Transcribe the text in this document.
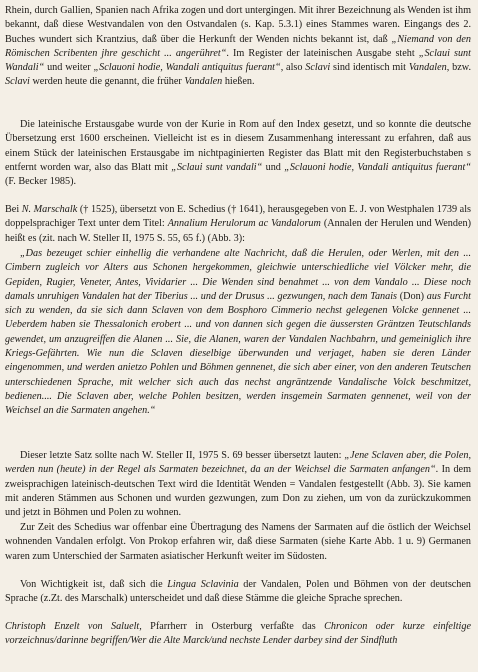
Rhein, durch Gallien, Spanien nach Afrika zogen und dort untergingen. Mit ihrer Bezeichnung als Wenden ist ihm bekannt, daß diese Westvandalen von den Ostvandalen (s. Kap. 5.3.1) eines Stammes waren. Eingangs des 2. Buches wundert sich Krantzius, daß über die Herkunft der Wenden nichts bekannt ist, daß „Niemand von den Römischen Scribenten jhre geschicht ... angerühret“. Im Register der lateinischen Ausgabe steht „Sclaui sunt Wandali“ und weiter „Sclauoni hodie, Wandali antiquitus fuerant“, also Sclavi sind identisch mit Vandalen, bzw. Sclavi werden heute die genannt, die früher Vandalen hießen.

Die lateinische Erstausgabe wurde von der Kurie in Rom auf den Index gesetzt, und so konnte die deutsche Übersetzung erst 1600 erscheinen. Vielleicht ist es in diesem Zusammenhang interessant zu erfahren, daß aus einem Stück der lateinischen Erstausgabe im nichtpaginierten Register das Blatt mit den Registerbuchstaben s entfernt worden war, also das Blatt mit „Sclaui sunt vandali“ und „Sclauoni hodie, Vandali antiquitus fuerant“ (F. Becker 1985).

Bei N. Marschalk († 1525), übersetzt von E. Schedius († 1641), herausgegeben von E. J. von Westphalen 1739 als doppelsprachiger Text unter dem Titel: Annalium Herulorum ac Vandalorum (Annalen der Herulen und Wenden) heißt es (zit. nach W. Steller II, 1975 S. 55, 65 f.) (Abb. 3):

„Das bezeuget schier einhellig die verhandene alte Nachricht, daß die Herulen, oder Werlen, mit den ... Cimbern zugleich vor Alters aus Schonen hergekommen, gleichwie unterschiedliche viel Völcker mehr, die Gepiden, Rugier, Veneter, Antes, Vividarier ... Die Wenden sind benahmet ... von dem Vandalo ... Diese noch damals unruhigen Vandalen hat der Tiberius ... und der Drusus ... gezwungen, nach dem Tanais (Don) aus Furcht sich zu wenden, da sie sich dann Sclaven von dem Bosphoro Cimmerio nechst gelegenen Volcke gennenet ... Ueberdem haben sie Thessalonich erobert ... und von dannen sich gegen die äussersten Gräntzen Teutschlands gewendet, um anzugreiffen die Alanen ... Sie, die Alanen, waren der Vandalen Nachbahrn, und gemeiniglich ihre Kriegs-Gefährten. Wie nun die Sclaven dieselbige überwunden und verjaget, haben sie deren Länder eingenommen, und werden anietzo Pohlen und Böhmen gennenet, die sich aber einer, von den anderen Teutschen unterschiedenen Sprache, mit welcher sich auch das nechst angräntzende Vandalische Volck beschmitzet, bedienen.... Die Sclaven aber, welche Pohlen besitzen, werden insgemein Sarmaten gennenet, weil von der Weichsel an die Sarmaten angehen.“

Dieser letzte Satz sollte nach W. Steller II, 1975 S. 69 besser übersetzt lauten: „Jene Sclaven aber, die Polen, werden nun (heute) in der Regel als Sarmaten bezeichnet, da an der Weichsel die Sarmaten anfangen“. In dem zweisprachigen lateinisch-deutschen Text wird die Identität Wenden = Vandalen festgestellt (Abb. 3). Sie kamen mit anderen Stämmen aus Schonen und wurden gezwungen, zum Don zu ziehen, um von da zurückzukommen und jetzt in Böhmen und Polen zu wohnen.

Zur Zeit des Schedius war offenbar eine Übertragung des Namens der Sarmaten auf die östlich der Weichsel wohnenden Vandalen erfolgt. Von Prokop erfahren wir, daß diese Sarmaten (siehe Karte Abb. 1 u. 9) Germanen waren zum Unterschied der Sarmaten asiatischer Herkunft weiter im Südosten.

Von Wichtigkeit ist, daß sich die Lingua Sclavinia der Vandalen, Polen und Böhmen von der deutschen Sprache (z.Zt. des Marschalk) unterscheidet und daß diese Stämme die gleiche Sprache sprechen.

Christoph Enzelt von Saluelt, Pfarrherr in Osterburg verfaßte das Chronicon oder kurze einfeltige vorzeichnus/darinne begriffen/Wer die Alte Marck/und nechste Lender darbey sind der Sindfluth
